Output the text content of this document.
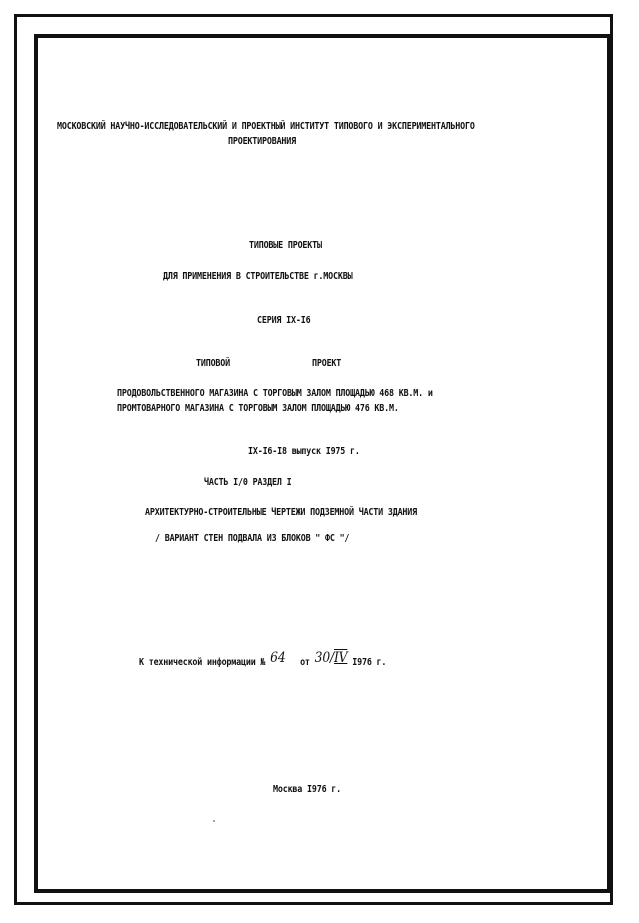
МОСКОВСКИЙ НАУЧНО-ИССЛЕДОВАТЕЛЬСКИЙ И ПРОЕКТНЫЙ ИНСТИТУТ ТИПОВОГО И ЭКСПЕРИМЕНТАЛЬНОГО
ПРОЕКТИРОВАНИЯ
ТИПОВЫЕ ПРОЕКТЫ
ДЛЯ ПРИМЕНЕНИЯ В СТРОИТЕЛЬСТВЕ г.МОСКВЫ
СЕРИЯ IX-I6
ТИПОВОЙ	ПРОЕКТ
ПРОДОВОЛЬСТВЕННОГО МАГАЗИНА С ТОРГОВЫМ ЗАЛОМ ПЛОЩАДЬЮ 468 КВ.М. и
ПРОМТОВАРНОГО МАГАЗИНА С ТОРГОВЫМ ЗАЛОМ ПЛОЩАДЬЮ 476 КВ.М.
IX-I6-I8 выпуск I975 г.
ЧАСТЬ I/0 РАЗДЕЛ I
АРХИТЕКТУРНО-СТРОИТЕЛЬНЫЕ ЧЕРТЕЖИ ПОДЗЕМНОЙ ЧАСТИ ЗДАНИЯ
/ ВАРИАНТ СТЕН ПОДВАЛА ИЗ БЛОКОВ " ФС "/
К технической информации № 64 от 30/IV I976 г.
Москва I976 г.
